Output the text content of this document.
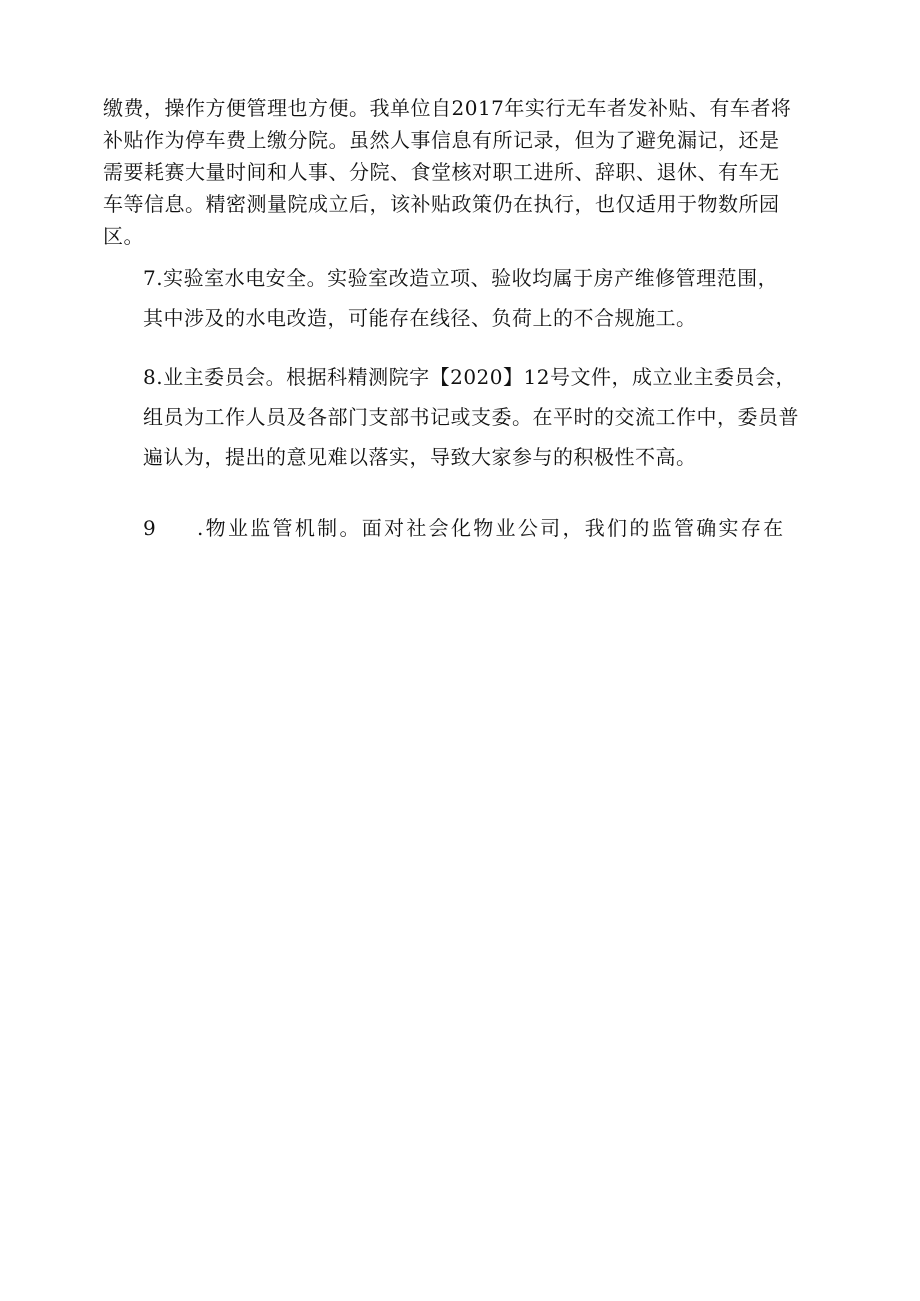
缴费，操作方便管理也方便。我单位自2017年实行无车者发补贴、有车者将
补贴作为停车费上缴分院。虽然人事信息有所记录，但为了避免漏记，还是
需要耗赛大量时间和人事、分院、食堂核对职工进所、辞职、退休、有车无
车等信息。精密测量院成立后，该补贴政策仍在执行，也仅适用于物数所园
区。
7.实验室水电安全。实验室改造立项、验收均属于房产维修管理范围，
其中涉及的水电改造，可能存在线径、负荷上的不合规施工。
8.业主委员会。根据科精测院字【2020】12号文件，成立业主委员会，
组员为工作人员及各部门支部书记或支委。在平时的交流工作中，委员普
遍认为，提出的意见难以落实，导致大家参与的积极性不高。
9 .物业监管机制。面对社会化物业公司，我们的监管确实存在
